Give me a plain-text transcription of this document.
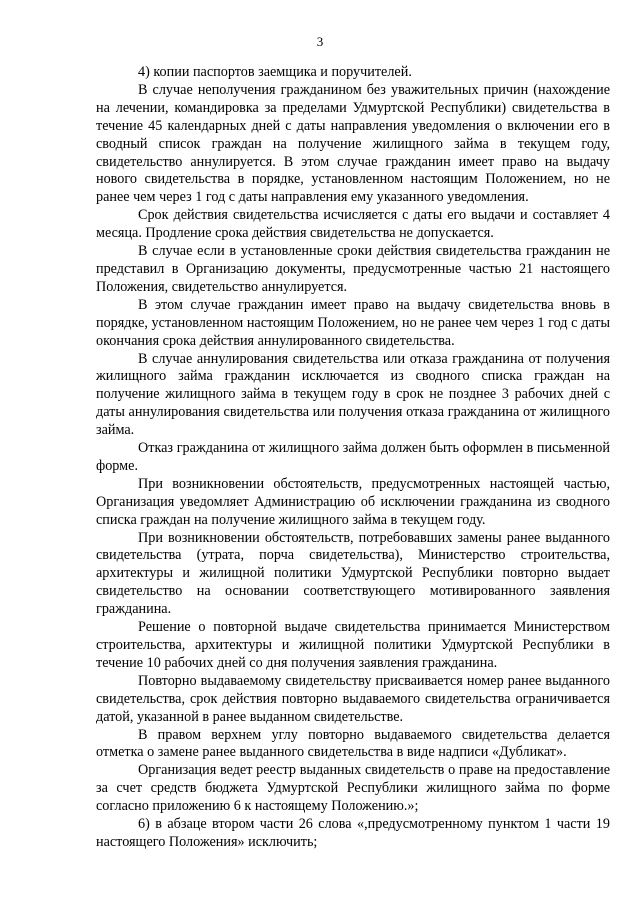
3

4) копии паспортов заемщика и поручителей.

В случае неполучения гражданином без уважительных причин (нахождение на лечении, командировка за пределами Удмуртской Республики) свидетельства в течение 45 календарных дней с даты направления уведомления о включении его в сводный список граждан на получение жилищного займа в текущем году, свидетельство аннулируется. В этом случае гражданин имеет право на выдачу нового свидетельства в порядке, установленном настоящим Положением, но не ранее чем через 1 год с даты направления ему указанного уведомления.

Срок действия свидетельства исчисляется с даты его выдачи и составляет 4 месяца. Продление срока действия свидетельства не допускается.

В случае если в установленные сроки действия свидетельства гражданин не представил в Организацию документы, предусмотренные частью 21 настоящего Положения, свидетельство аннулируется.

В этом случае гражданин имеет право на выдачу свидетельства вновь в порядке, установленном настоящим Положением, но не ранее чем через 1 год с даты окончания срока действия аннулированного свидетельства.

В случае аннулирования свидетельства или отказа гражданина от получения жилищного займа гражданин исключается из сводного списка граждан на получение жилищного займа в текущем году в срок не позднее 3 рабочих дней с даты аннулирования свидетельства или получения отказа гражданина от жилищного займа.

Отказ гражданина от жилищного займа должен быть оформлен в письменной форме.

При возникновении обстоятельств, предусмотренных настоящей частью, Организация уведомляет Администрацию об исключении гражданина из сводного списка граждан на получение жилищного займа в текущем году.

При возникновении обстоятельств, потребовавших замены ранее выданного свидетельства (утрата, порча свидетельства), Министерство строительства, архитектуры и жилищной политики Удмуртской Республики повторно выдает свидетельство на основании соответствующего мотивированного заявления гражданина.

Решение о повторной выдаче свидетельства принимается Министерством строительства, архитектуры и жилищной политики Удмуртской Республики в течение 10 рабочих дней со дня получения заявления гражданина.

Повторно выдаваемому свидетельству присваивается номер ранее выданного свидетельства, срок действия повторно выдаваемого свидетельства ограничивается датой, указанной в ранее выданном свидетельстве.

В правом верхнем углу повторно выдаваемого свидетельства делается отметка о замене ранее выданного свидетельства в виде надписи «Дубликат».

Организация ведет реестр выданных свидетельств о праве на предоставление за счет средств бюджета Удмуртской Республики жилищного займа по форме согласно приложению 6 к настоящему Положению.»;

6) в абзаце втором части 26 слова «,предусмотренному пунктом 1 части 19 настоящего Положения» исключить;
